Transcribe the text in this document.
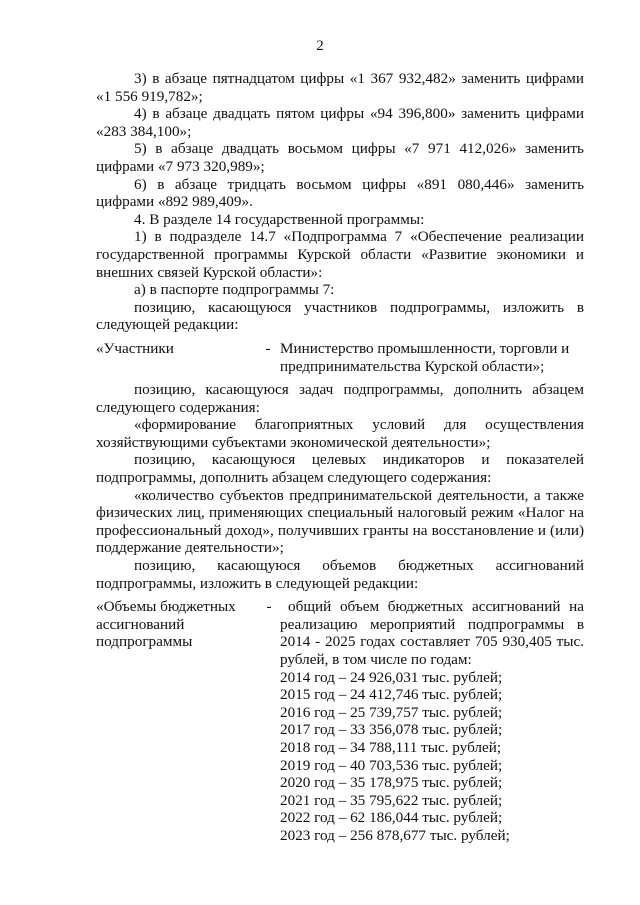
2

3) в абзаце пятнадцатом цифры «1 367 932,482» заменить цифрами «1 556 919,782»;

4) в абзаце двадцать пятом цифры «94 396,800» заменить цифрами «283 384,100»;

5) в абзаце двадцать восьмом цифры «7 971 412,026» заменить цифрами «7 973 320,989»;

6) в абзаце тридцать восьмом цифры «891 080,446» заменить цифрами «892 989,409».

4. В разделе 14 государственной программы:

1) в подразделе 14.7 «Подпрограмма 7 «Обеспечение реализации государственной программы Курской области «Развитие экономики и внешних связей Курской области»:

а) в паспорте подпрограммы 7:

позицию, касающуюся участников подпрограммы, изложить в следующей редакции:

«Участники	- Министерство промышленности, торговли и предпринимательства Курской области»;

позицию, касающуюся задач подпрограммы, дополнить абзацем следующего содержания:

«формирование благоприятных условий для осуществления хозяйствующими субъектами экономической деятельности»;

позицию, касающуюся целевых индикаторов и показателей подпрограммы, дополнить абзацем следующего содержания:

«количество субъектов предпринимательской деятельности, а также физических лиц, применяющих специальный налоговый режим «Налог на профессиональный доход», получивших гранты на восстановление и (или) поддержание деятельности»;

позицию, касающуюся объемов бюджетных ассигнований подпрограммы, изложить в следующей редакции:

«Объемы бюджетных ассигнований подпрограммы
-	общий объем бюджетных ассигнований на реализацию мероприятий подпрограммы в 2014 - 2025 годах составляет 705 930,405 тыс. рублей, в том числе по годам:

2014 год – 24 926,031 тыс. рублей;
2015 год – 24 412,746 тыс. рублей;
2016 год – 25 739,757 тыс. рублей;
2017 год – 33 356,078 тыс. рублей;
2018 год – 34 788,111 тыс. рублей;
2019 год – 40 703,536 тыс. рублей;
2020 год – 35 178,975 тыс. рублей;
2021 год – 35 795,622 тыс. рублей;
2022 год – 62 186,044 тыс. рублей;
2023 год – 256 878,677 тыс. рублей;
